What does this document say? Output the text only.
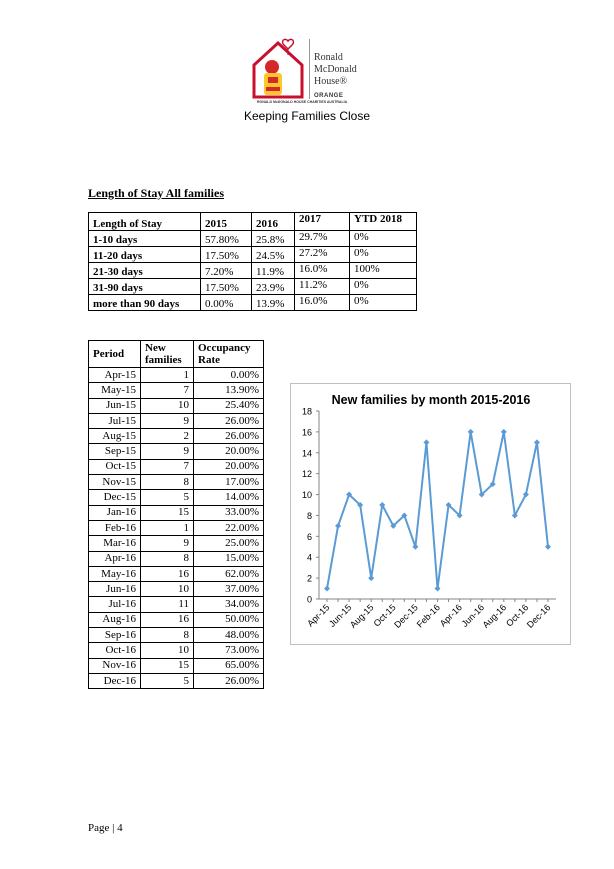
RONALD McDONALD HOUSE CHARITIES AUSTRALIA
Ronald
McDonald
House®
ORANGE
Keeping Families Close
Length of Stay All families
Length of Stay	2015	2016	2017	YTD 2018
1-10 days	57.80%	25.8%	29.7%	0%
11-20 days	17.50%	24.5%	27.2%	0%
21-30 days	7.20%	11.9%	16.0%	100%
31-90 days	17.50%	23.9%	11.2%	0%
more than 90 days	0.00%	13.9%	16.0%	0%
Period	New families	Occupancy Rate
Apr-15	1	0.00%
May-15	7	13.90%
Jun-15	10	25.40%
Jul-15	9	26.00%
Aug-15	2	26.00%
Sep-15	9	20.00%
Oct-15	7	20.00%
Nov-15	8	17.00%
Dec-15	5	14.00%
Jan-16	15	33.00%
Feb-16	1	22.00%
Mar-16	9	25.00%
Apr-16	8	15.00%
May-16	16	62.00%
Jun-16	10	37.00%
Jul-16	11	34.00%
Aug-16	16	50.00%
Sep-16	8	48.00%
Oct-16	10	73.00%
Nov-16	15	65.00%
Dec-16	5	26.00%
New families by month 2015-2016
0
2
4
6
8
10
12
14
16
18
Apr-15
Jun-15
Aug-15
Oct-15
Dec-15
Feb-16
Apr-16
Jun-16
Aug-16
Oct-16
Dec-16
Page | 4
